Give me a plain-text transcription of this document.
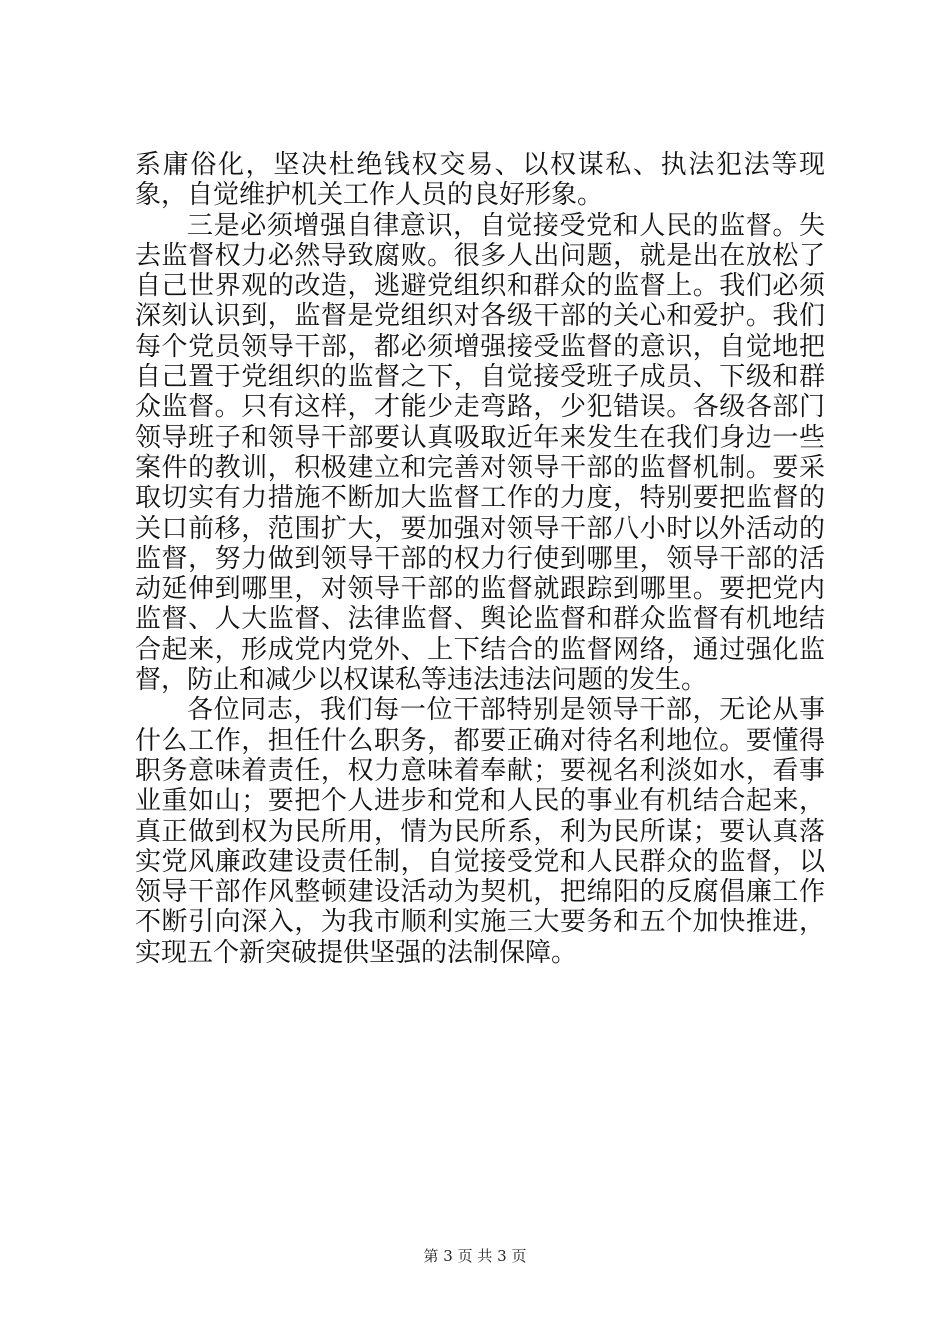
系庸俗化，坚决杜绝钱权交易、以权谋私、执法犯法等现象，自觉维护机关工作人员的良好形象。

三是必须增强自律意识，自觉接受党和人民的监督。失去监督权力必然导致腐败。很多人出问题，就是出在放松了自己世界观的改造，逃避党组织和群众的监督上。我们必须深刻认识到，监督是党组织对各级干部的关心和爱护。我们每个党员领导干部，都必须增强接受监督的意识，自觉地把自己置于党组织的监督之下，自觉接受班子成员、下级和群众监督。只有这样，才能少走弯路，少犯错误。各级各部门领导班子和领导干部要认真吸取近年来发生在我们身边一些案件的教训，积极建立和完善对领导干部的监督机制。要采取切实有力措施不断加大监督工作的力度，特别要把监督的关口前移，范围扩大，要加强对领导干部八小时以外活动的监督，努力做到领导干部的权力行使到哪里，领导干部的活动延伸到哪里，对领导干部的监督就跟踪到哪里。要把党内监督、人大监督、法律监督、舆论监督和群众监督有机地结合起来，形成党内党外、上下结合的监督网络，通过强化监督，防止和减少以权谋私等违法违法问题的发生。

各位同志，我们每一位干部特别是领导干部，无论从事什么工作，担任什么职务，都要正确对待名利地位。要懂得职务意味着责任，权力意味着奉献；要视名利淡如水，看事业重如山；要把个人进步和党和人民的事业有机结合起来，真正做到权为民所用，情为民所系，利为民所谋；要认真落实党风廉政建设责任制，自觉接受党和人民群众的监督，以领导干部作风整顿建设活动为契机，把绵阳的反腐倡廉工作不断引向深入，为我市顺利实施三大要务和五个加快推进，实现五个新突破提供坚强的法制保障。

第 3 页 共 3 页
